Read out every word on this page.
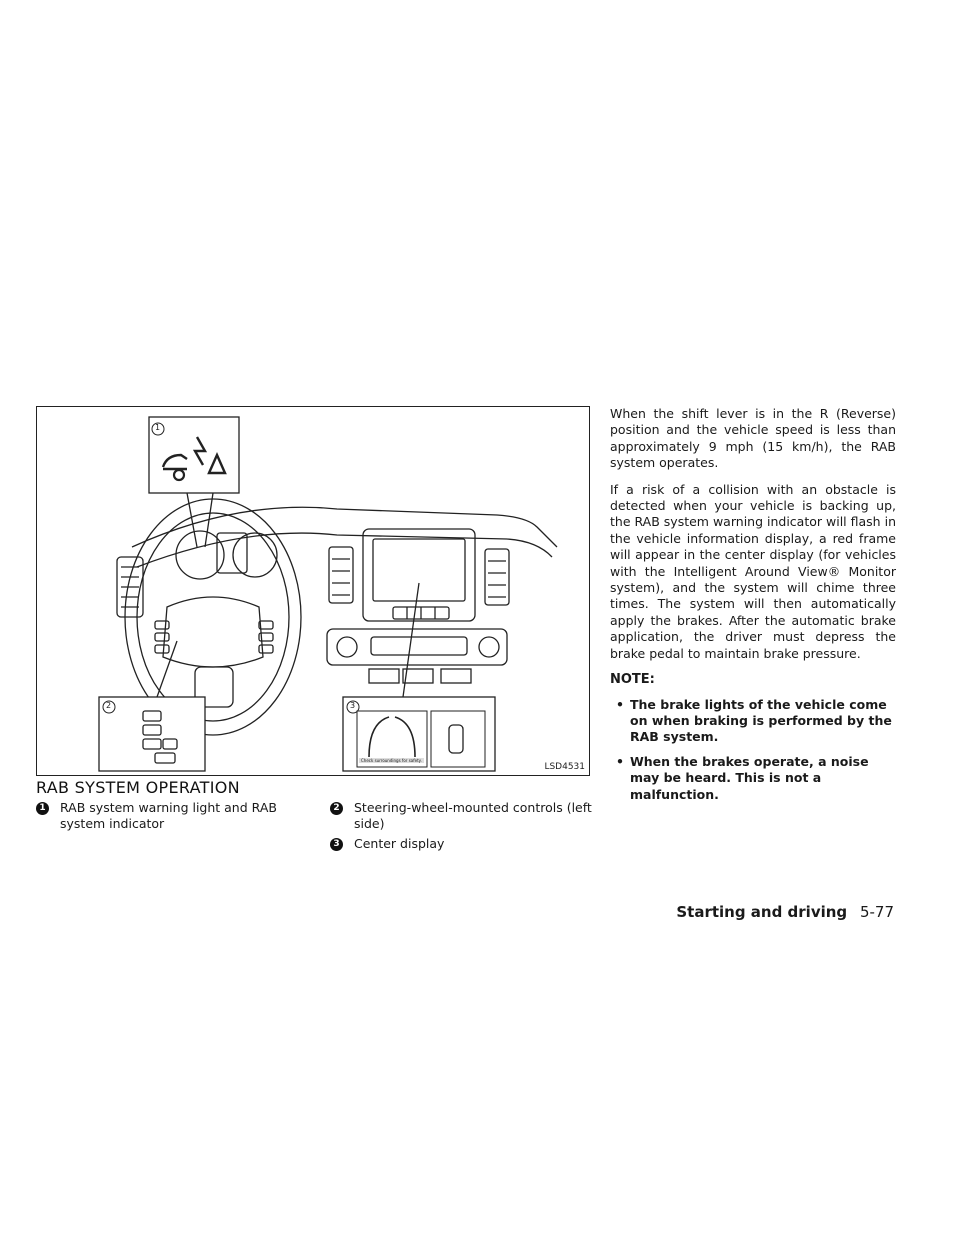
1
2	3
Check surroundings for safety.
LSD4531
RAB SYSTEM OPERATION
1 RAB system warning light and RAB system indicator
2 Steering-wheel-mounted controls (left side)
3 Center display

When the shift lever is in the R (Reverse) position and the vehicle speed is less than approximately 9 mph (15 km/h), the RAB system operates.

If a risk of a collision with an obstacle is detected when your vehicle is backing up, the RAB system warning indicator will flash in the vehicle information display, a red frame will appear in the center display (for vehicles with the Intelligent Around View® Monitor system), and the system will chime three times. The system will then automatically apply the brakes. After the automatic brake application, the driver must depress the brake pedal to maintain brake pressure.

NOTE:
• The brake lights of the vehicle come on when braking is performed by the RAB system.
• When the brakes operate, a noise may be heard. This is not a malfunction.
Starting and driving 5-77
